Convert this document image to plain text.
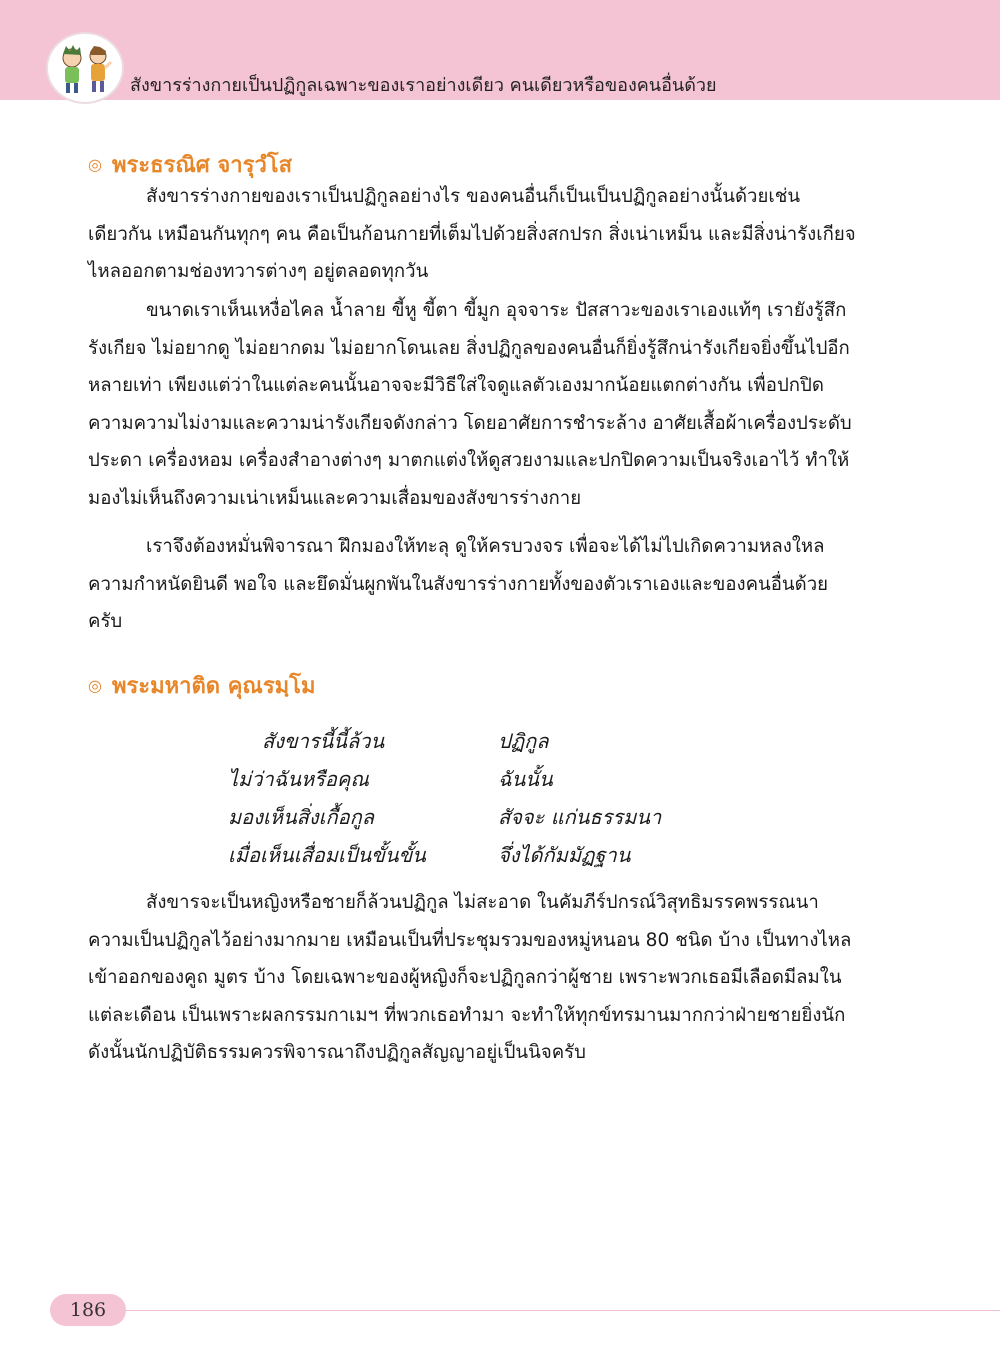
สังขารร่างกายเป็นปฏิกูลเฉพาะของเราอย่างเดียว คนเดียวหรือของคนอื่นด้วย
◎ พระธรณิศ จารุวํโส

สังขารร่างกายของเราเป็นปฏิกูลอย่างไร ของคนอื่นก็เป็นเป็นปฏิกูลอย่างนั้นด้วยเช่นเดียวกัน เหมือนกันทุกๆ คน คือเป็นก้อนกายที่เต็มไปด้วยสิ่งสกปรก สิ่งเน่าเหม็น และมีสิ่งน่ารังเกียจไหลออกตามช่องทวารต่างๆ อยู่ตลอดทุกวัน

ขนาดเราเห็นเหงื่อไคล น้ำลาย ขี้หู ขี้ตา ขี้มูก อุจจาระ ปัสสาวะของเราเองแท้ๆ เรายังรู้สึกรังเกียจ ไม่อยากดู ไม่อยากดม ไม่อยากโดนเลย สิ่งปฏิกูลของคนอื่นก็ยิ่งรู้สึกน่ารังเกียจยิ่งขึ้นไปอีกหลายเท่า เพียงแต่ว่าในแต่ละคนนั้นอาจจะมีวิธีใส่ใจดูแลตัวเองมากน้อยแตกต่างกัน เพื่อปกปิดความความไม่งามและความน่ารังเกียจดังกล่าว โดยอาศัยการชำระล้าง อาศัยเสื้อผ้าเครื่องประดับประดา เครื่องหอม เครื่องสำอางต่างๆ มาตกแต่งให้ดูสวยงามและปกปิดความเป็นจริงเอาไว้ ทำให้มองไม่เห็นถึงความเน่าเหม็นและความเสื่อมของสังขารร่างกาย

เราจึงต้องหมั่นพิจารณา ฝึกมองให้ทะลุ ดูให้ครบวงจร เพื่อจะได้ไม่ไปเกิดความหลงใหล ความกำหนัดยินดี พอใจ และยึดมั่นผูกพันในสังขารร่างกายทั้งของตัวเราเองและของคนอื่นด้วยครับ

◎ พระมหาติด คุณรมฺโม
สังขารนี้นี้ล้วน	ปฏิกูล
ไม่ว่าฉันหรือคุณ	ฉันนั้น
มองเห็นสิ่งเกื้อกูล	สัจจะ แก่นธรรมนา
เมื่อเห็นเสื่อมเป็นขั้นขั้น	จึ่งได้กัมมัฏฐาน

สังขารจะเป็นหญิงหรือชายก็ล้วนปฏิกูล ไม่สะอาด ในคัมภีร์ปกรณ์วิสุทธิมรรคพรรณนาความเป็นปฏิกูลไว้อย่างมากมาย เหมือนเป็นที่ประชุมรวมของหมู่หนอน 80 ชนิด บ้าง เป็นทางไหลเข้าออกของคูถ มูตร บ้าง โดยเฉพาะของผู้หญิงก็จะปฏิกูลกว่าผู้ชาย เพราะพวกเธอมีเลือดมีลมในแต่ละเดือน เป็นเพราะผลกรรมกาเมฯ ที่พวกเธอทำมา จะทำให้ทุกข์ทรมานมากกว่าฝ่ายชายยิ่งนัก ดังนั้นนักปฏิบัติธรรมควรพิจารณาถึงปฏิกูลสัญญาอยู่เป็นนิจครับ

186
